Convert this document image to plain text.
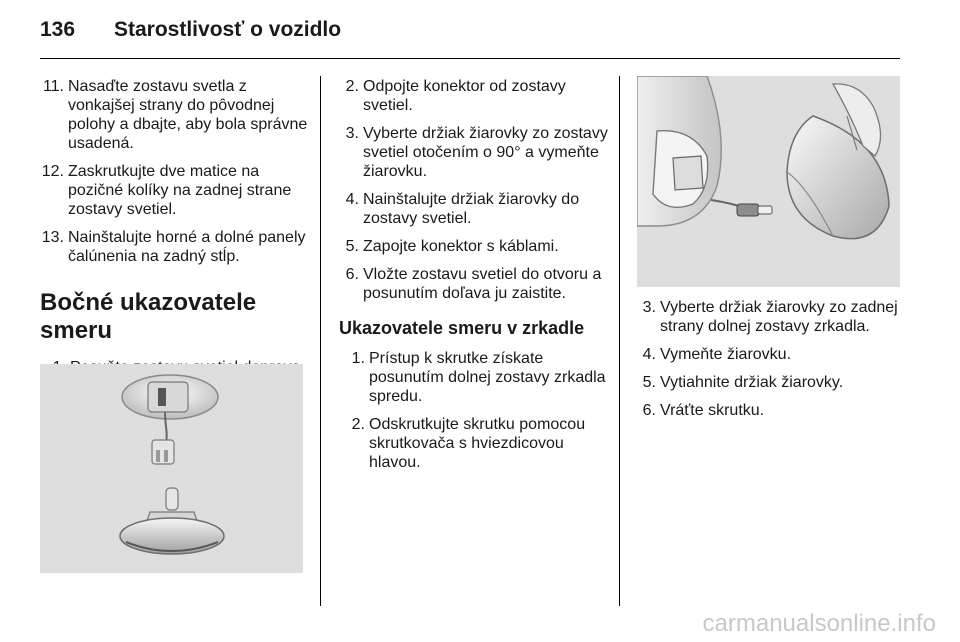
136 Starostlivosť o vozidlo
11. Nasaďte zostavu svetla z vonkajšej strany do pôvodnej polohy a dbajte, aby bola správne usadená.
12. Zaskrutkujte dve matice na pozičné kolíky na zadnej strane zostavy svetiel.
13. Nainštalujte horné a dolné panely čalúnenia na zadný stĺp.
Bočné ukazovatele smeru
2. Odpojte konektor od zostavy svetiel.
3. Vyberte držiak žiarovky zo zostavy svetiel otočením o 90° a vymeňte žiarovku.
4. Nainštalujte držiak žiarovky do zostavy svetiel.
5. Zapojte konektor s káblami.
6. Vložte zostavu svetiel do otvoru a posunutím doľava ju zaistite.
Ukazovatele smeru v zrkadle
1. Prístup k skrutke získate posunutím dolnej zostavy zrkadla spredu.
2. Odskrutkujte skrutku pomocou skrutkovača s hviezdicovou hlavou.
3. Vyberte držiak žiarovky zo zadnej strany dolnej zostavy zrkadla.
4. Vymeňte žiarovku.
5. Vytiahnite držiak žiarovky.
6. Vráťte skrutku.
carmanualsonline.info
